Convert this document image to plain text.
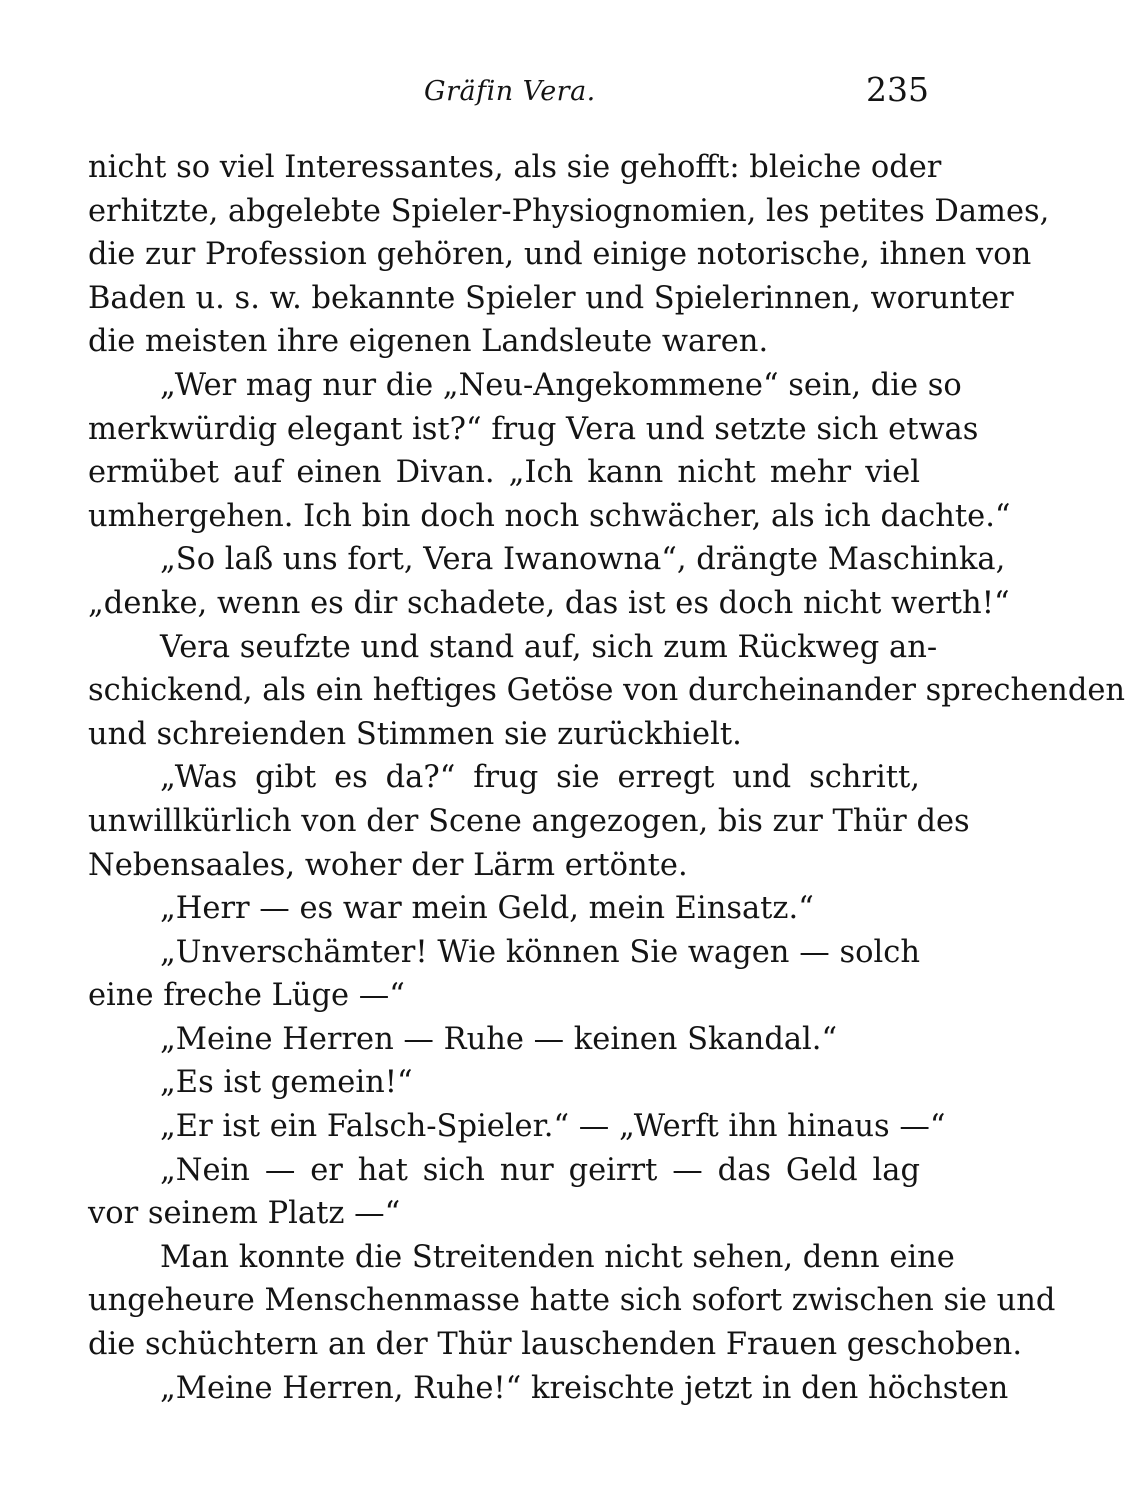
Gräfin Vera.	235
nicht so viel Interessantes, als sie gehofft: bleiche oder
erhitzte, abgelebte Spieler-Physiognomien, les petites Dames,
die zur Profession gehören, und einige notorische, ihnen von
Baden u. s. w. bekannte Spieler und Spielerinnen, worunter
die meisten ihre eigenen Landsleute waren.
„Wer mag nur die „Neu-Angekommene“ sein, die so
merkwürdig elegant ist?“ frug Vera und setzte sich etwas
ermübet auf einen Divan. „Ich kann nicht mehr viel
umhergehen. Ich bin doch noch schwächer, als ich dachte.“
„So laß uns fort, Vera Iwanowna“, drängte Maschinka,
„denke, wenn es dir schadete, das ist es doch nicht werth!“
Vera seufzte und stand auf, sich zum Rückweg an-
schickend, als ein heftiges Getöse von durcheinander sprechenden
und schreienden Stimmen sie zurückhielt.
„Was gibt es da?“ frug sie erregt und schritt,
unwillkürlich von der Scene angezogen, bis zur Thür des
Nebensaales, woher der Lärm ertönte.
„Herr — es war mein Geld, mein Einsatz.“
„Unverschämter! Wie können Sie wagen — solch
eine freche Lüge —“
„Meine Herren — Ruhe — keinen Skandal.“
„Es ist gemein!“
„Er ist ein Falsch-Spieler.“ — „Werft ihn hinaus —“
„Nein — er hat sich nur geirrt — das Geld lag
vor seinem Platz —“
Man konnte die Streitenden nicht sehen, denn eine
ungeheure Menschenmasse hatte sich sofort zwischen sie und
die schüchtern an der Thür lauschenden Frauen geschoben.
„Meine Herren, Ruhe!“ kreischte jetzt in den höchsten
